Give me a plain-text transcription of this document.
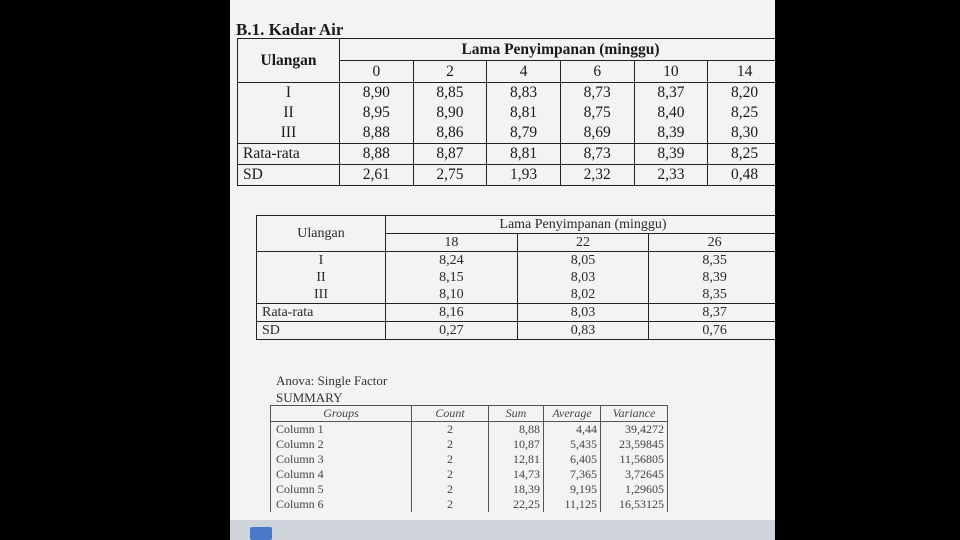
B.1. Kadar Air
Ulangan	Lama Penyimpanan (minggu)					
	0	2	4	6	10	14
I	8,90	8,85	8,83	8,73	8,37	8,20
II	8,95	8,90	8,81	8,75	8,40	8,25
III	8,88	8,86	8,79	8,69	8,39	8,30
Rata-rata	8,88	8,87	8,81	8,73	8,39	8,25
SD	2,61	2,75	1,93	2,32	2,33	0,48
Ulangan	Lama Penyimpanan (minggu)		
	18	22	26
I	8,24	8,05	8,35
II	8,15	8,03	8,39
III	8,10	8,02	8,35
Rata-rata	8,16	8,03	8,37
SD	0,27	0,83	0,76
Anova: Single Factor
SUMMARY
Groups	Count	Sum	Average	Variance
Column 1	2	8,88	4,44	39,4272
Column 2	2	10,87	5,435	23,59845
Column 3	2	12,81	6,405	11,56805
Column 4	2	14,73	7,365	3,72645
Column 5	2	18,39	9,195	1,29605
Column 6	2	22,25	11,125	16,53125
